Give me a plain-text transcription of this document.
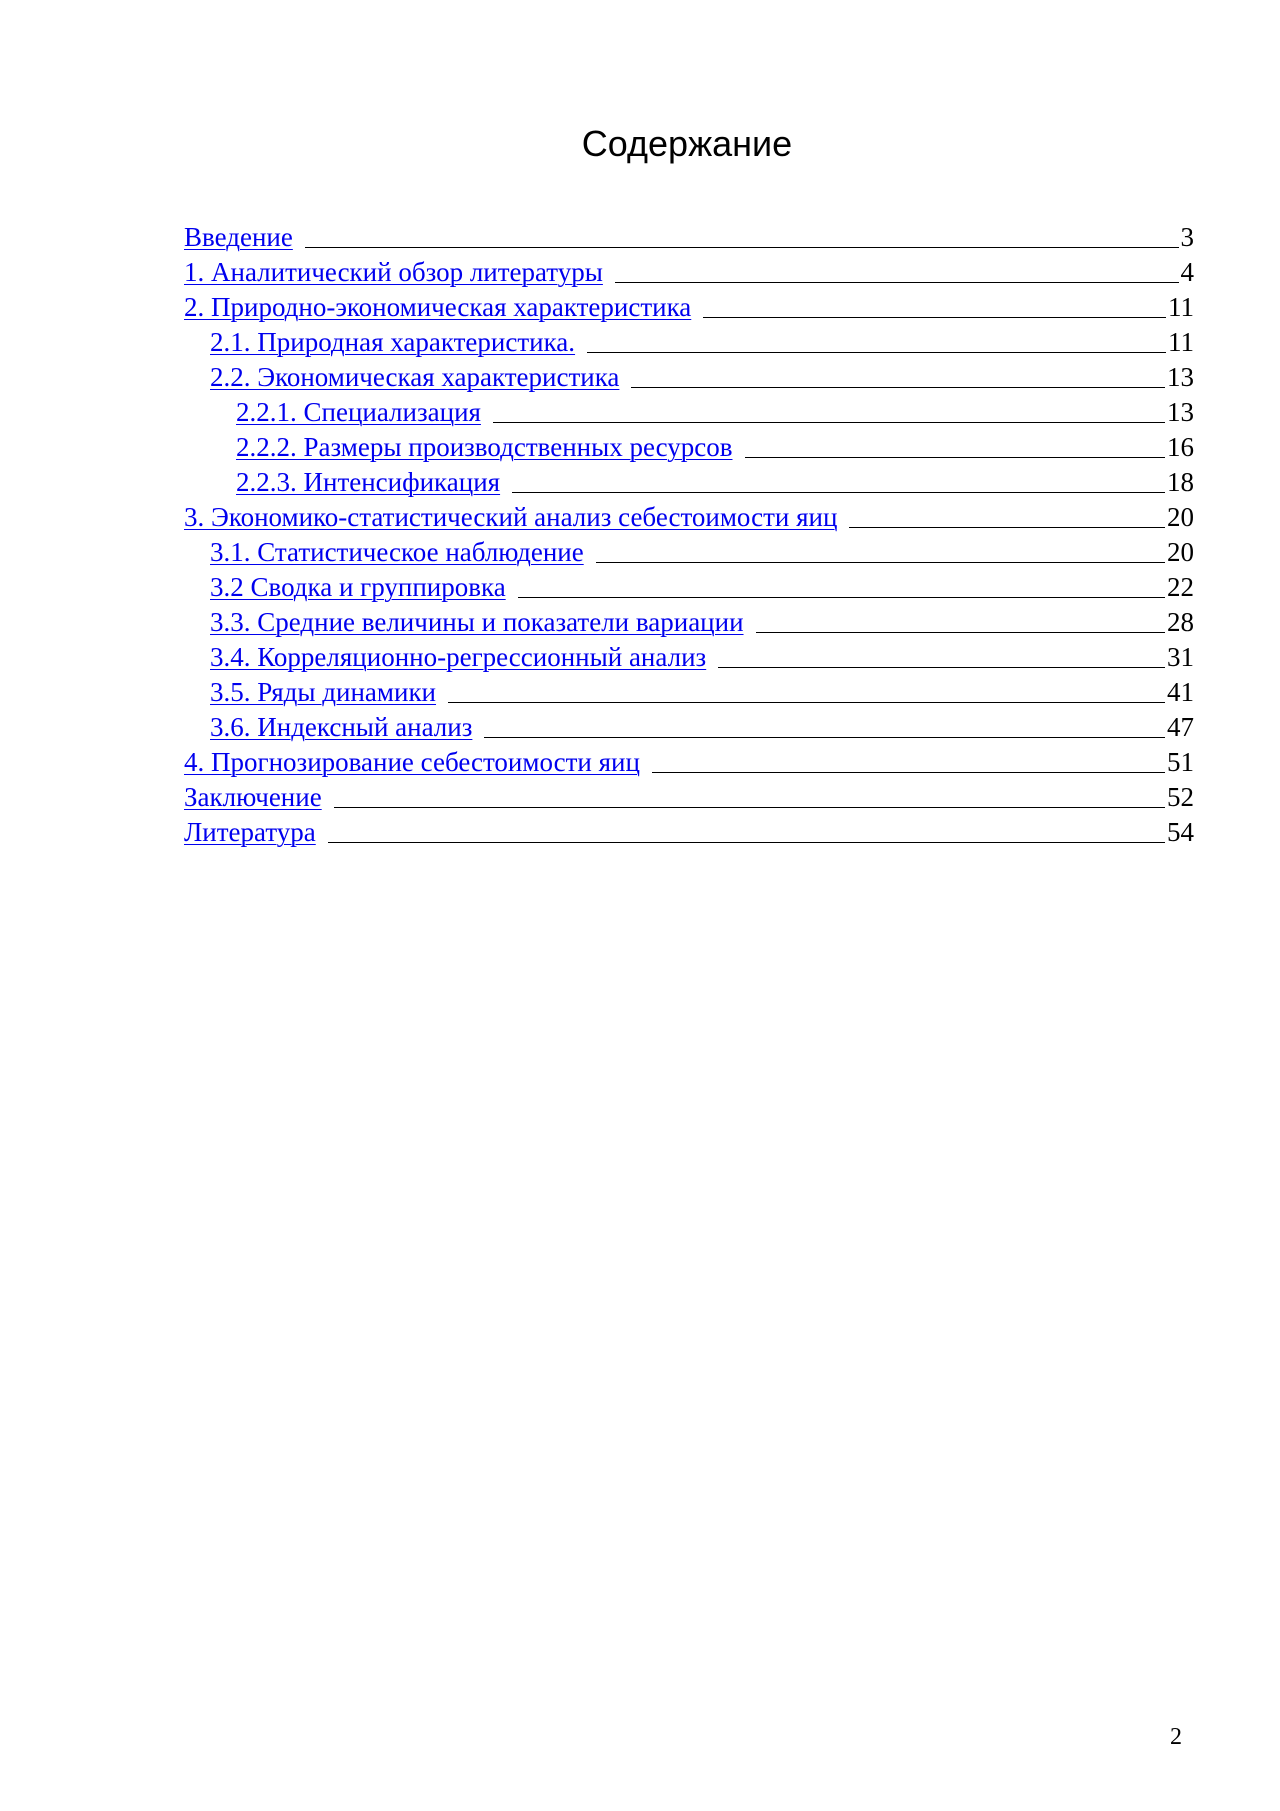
Содержание
Введение	3
1. Аналитический обзор литературы	4
2. Природно-экономическая характеристика	11
2.1. Природная характеристика.	11
2.2. Экономическая характеристика	13
2.2.1. Специализация	13
2.2.2. Размеры производственных ресурсов	16
2.2.3. Интенсификация	18
3. Экономико-статистический анализ себестоимости яиц	20
3.1. Статистическое наблюдение	20
3.2 Сводка и группировка	22
3.3. Средние величины и показатели вариации	28
3.4. Корреляционно-регрессионный анализ	31
3.5. Ряды динамики	41
3.6. Индексный анализ	47
4. Прогнозирование себестоимости яиц	51
Заключение	52
Литература	54
2
